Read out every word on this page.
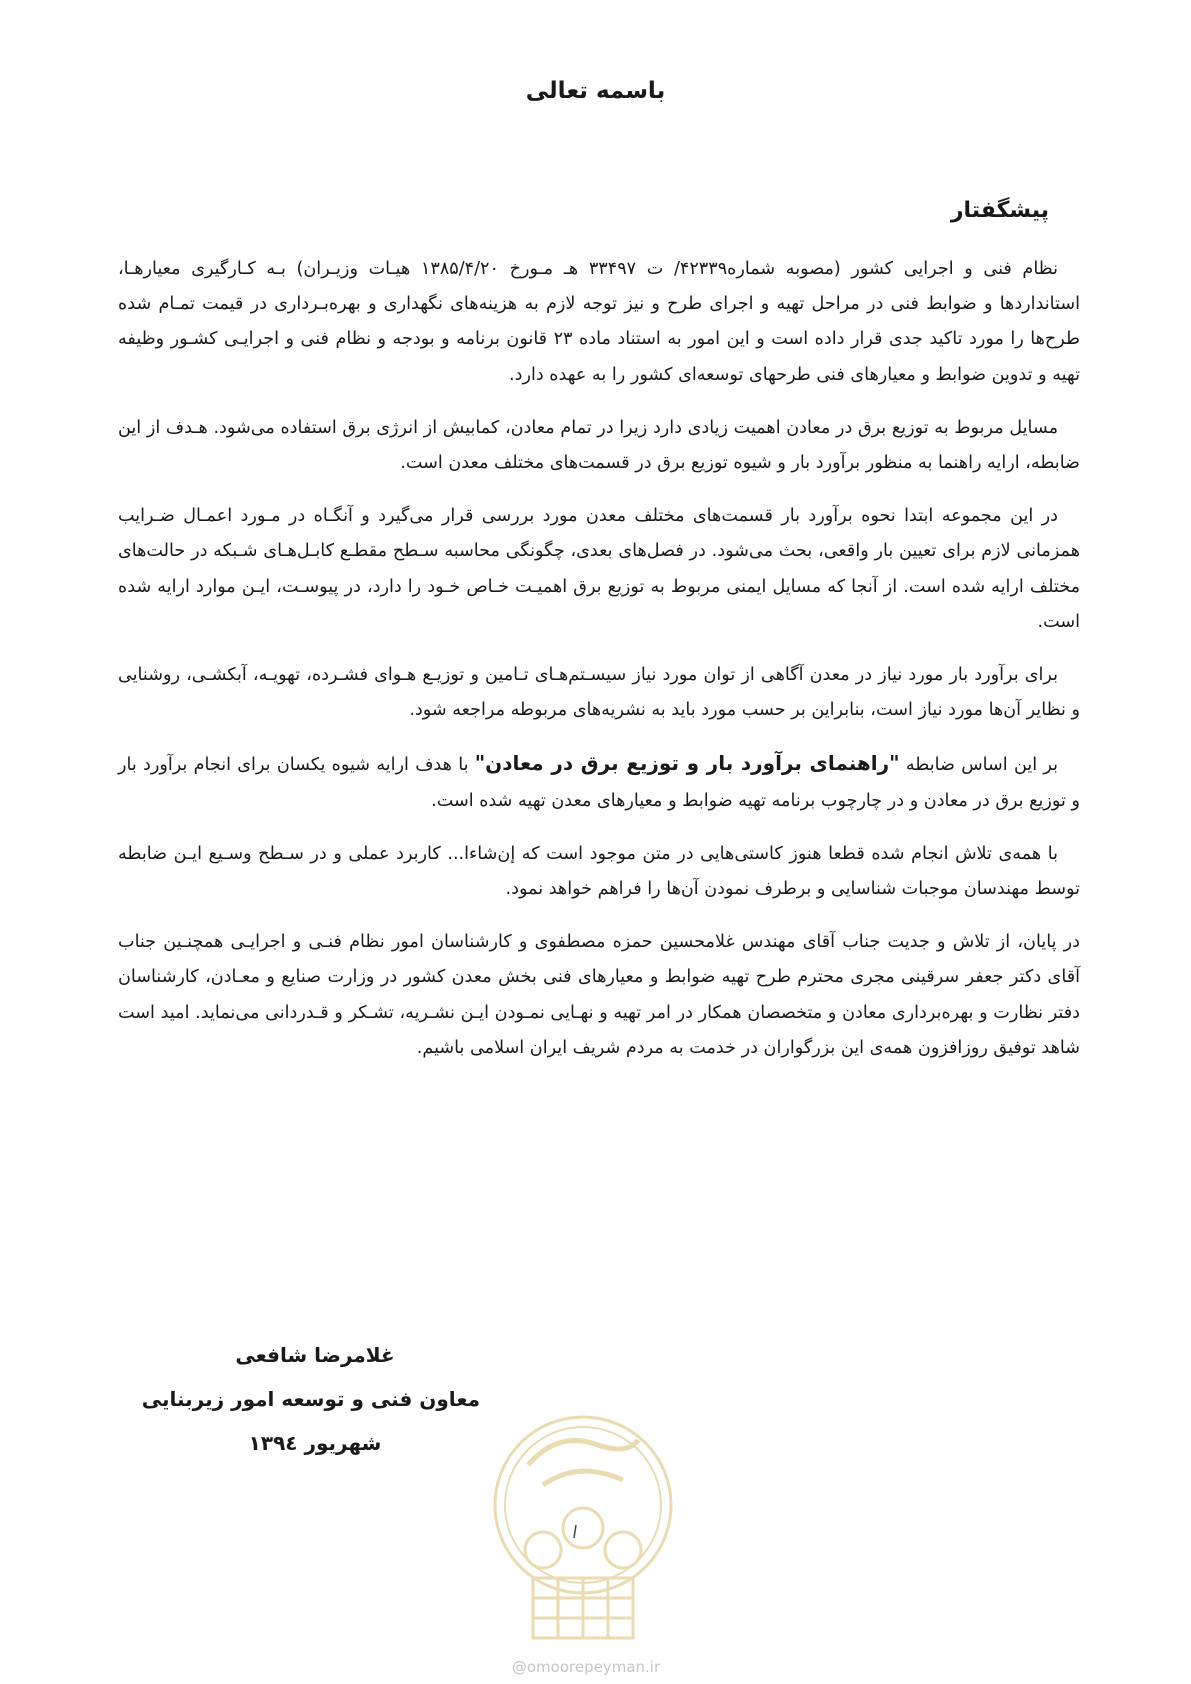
باسمه تعالی
پیشگفتار

نظام فنی و اجرایی کشور (مصوبه شماره۴۲۳۳۹/ ت ۳۳۴۹۷ هـ مـورخ ۱۳۸۵/۴/۲۰ هیـات وزیـران) بـه کـارگیری معیارهـا، استانداردها و ضوابط فنی در مراحل تهیه و اجرای طرح و نیز توجه لازم به هزینه‌های نگهداری و بهره‌بـرداری در قیمت تمـام شده طرح‌ها را مورد تاکید جدی قرار داده است و این امور به استناد ماده ۲۳ قانون برنامه و بودجه و نظام فنی و اجرایـی کشـور وظیفه تهیه و تدوین ضوابط و معیارهای فنی طرحهای توسعه‌ای کشور را به عهده دارد.

مسایل مربوط به توزیع برق در معادن اهمیت زیادی دارد زیرا در تمام معادن، کمابیش از انرژی برق استفاده می‌شود. هـدف از این ضابطه، ارایه راهنما به منظور برآورد بار و شیوه توزیع برق در قسمت‌های مختلف معدن است.

در این مجموعه ابتدا نحوه برآورد بار قسمت‌های مختلف معدن مورد بررسی قرار می‌گیرد و آنگـاه در مـورد اعمـال ضـرایب همزمانی لازم برای تعیین بار واقعی، بحث می‌شود. در فصل‌های بعدی، چگونگی محاسبه سـطح مقطـع کابـل‌هـای شـبکه در حالت‌های مختلف ارایه شده است. از آنجا که مسایل ایمنی مربوط به توزیع برق اهمیـت خـاص خـود را دارد، در پیوسـت، ایـن موارد ارایه شده است.

برای برآورد بار مورد نیاز در معدن آگاهی از توان مورد نیاز سیسـتم‌هـای تـامین و توزیـع هـوای فشـرده، تهویـه، آبکشـی، روشنایی و نظایر آن‌ها مورد نیاز است، بنابراین بر حسب مورد باید به نشریه‌های مربوطه مراجعه شود.

بر این اساس ضابطه "راهنمای برآورد بار و توزیع برق در معادن" با هدف ارایه شیوه یکسان برای انجام برآورد بار و توزیع برق در معادن و در چارچوب برنامه تهیه ضوابط و معیارهای معدن تهیه شده است.

با همه‌ی تلاش انجام شده قطعا هنوز کاستی‌هایی در متن موجود است که إن‌شاءا... کاربرد عملی و در سـطح وسـیع ایـن ضابطه توسط مهندسان موجبات شناسایی و برطرف نمودن آن‌ها را فراهم خواهد نمود.

در پایان، از تلاش و جدیت جناب آقای مهندس غلامحسین حمزه مصطفوی و کارشناسان امور نظام فنـی و اجرایـی همچنـین جناب آقای دکتر جعفر سرقینی مجری محترم طرح تهیه ضوابط و معیارهای فنی بخش معدن کشور در وزارت صنایع و معـادن، کارشناسان دفتر نظارت و بهره‌برداری معادن و متخصصان همکار در امر تهیه و نهـایی نمـودن ایـن نشـریه، تشـکر و قـدردانی می‌نماید. امید است شاهد توفیق روزافزون همه‌ی این بزرگواران در خدمت به مردم شریف ایران اسلامی باشیم.

غلامرضا شافعی
معاون فنی و توسعه امور زیربنایی
شهریور ۱۳۹٤
@omoorepeyman.ir
